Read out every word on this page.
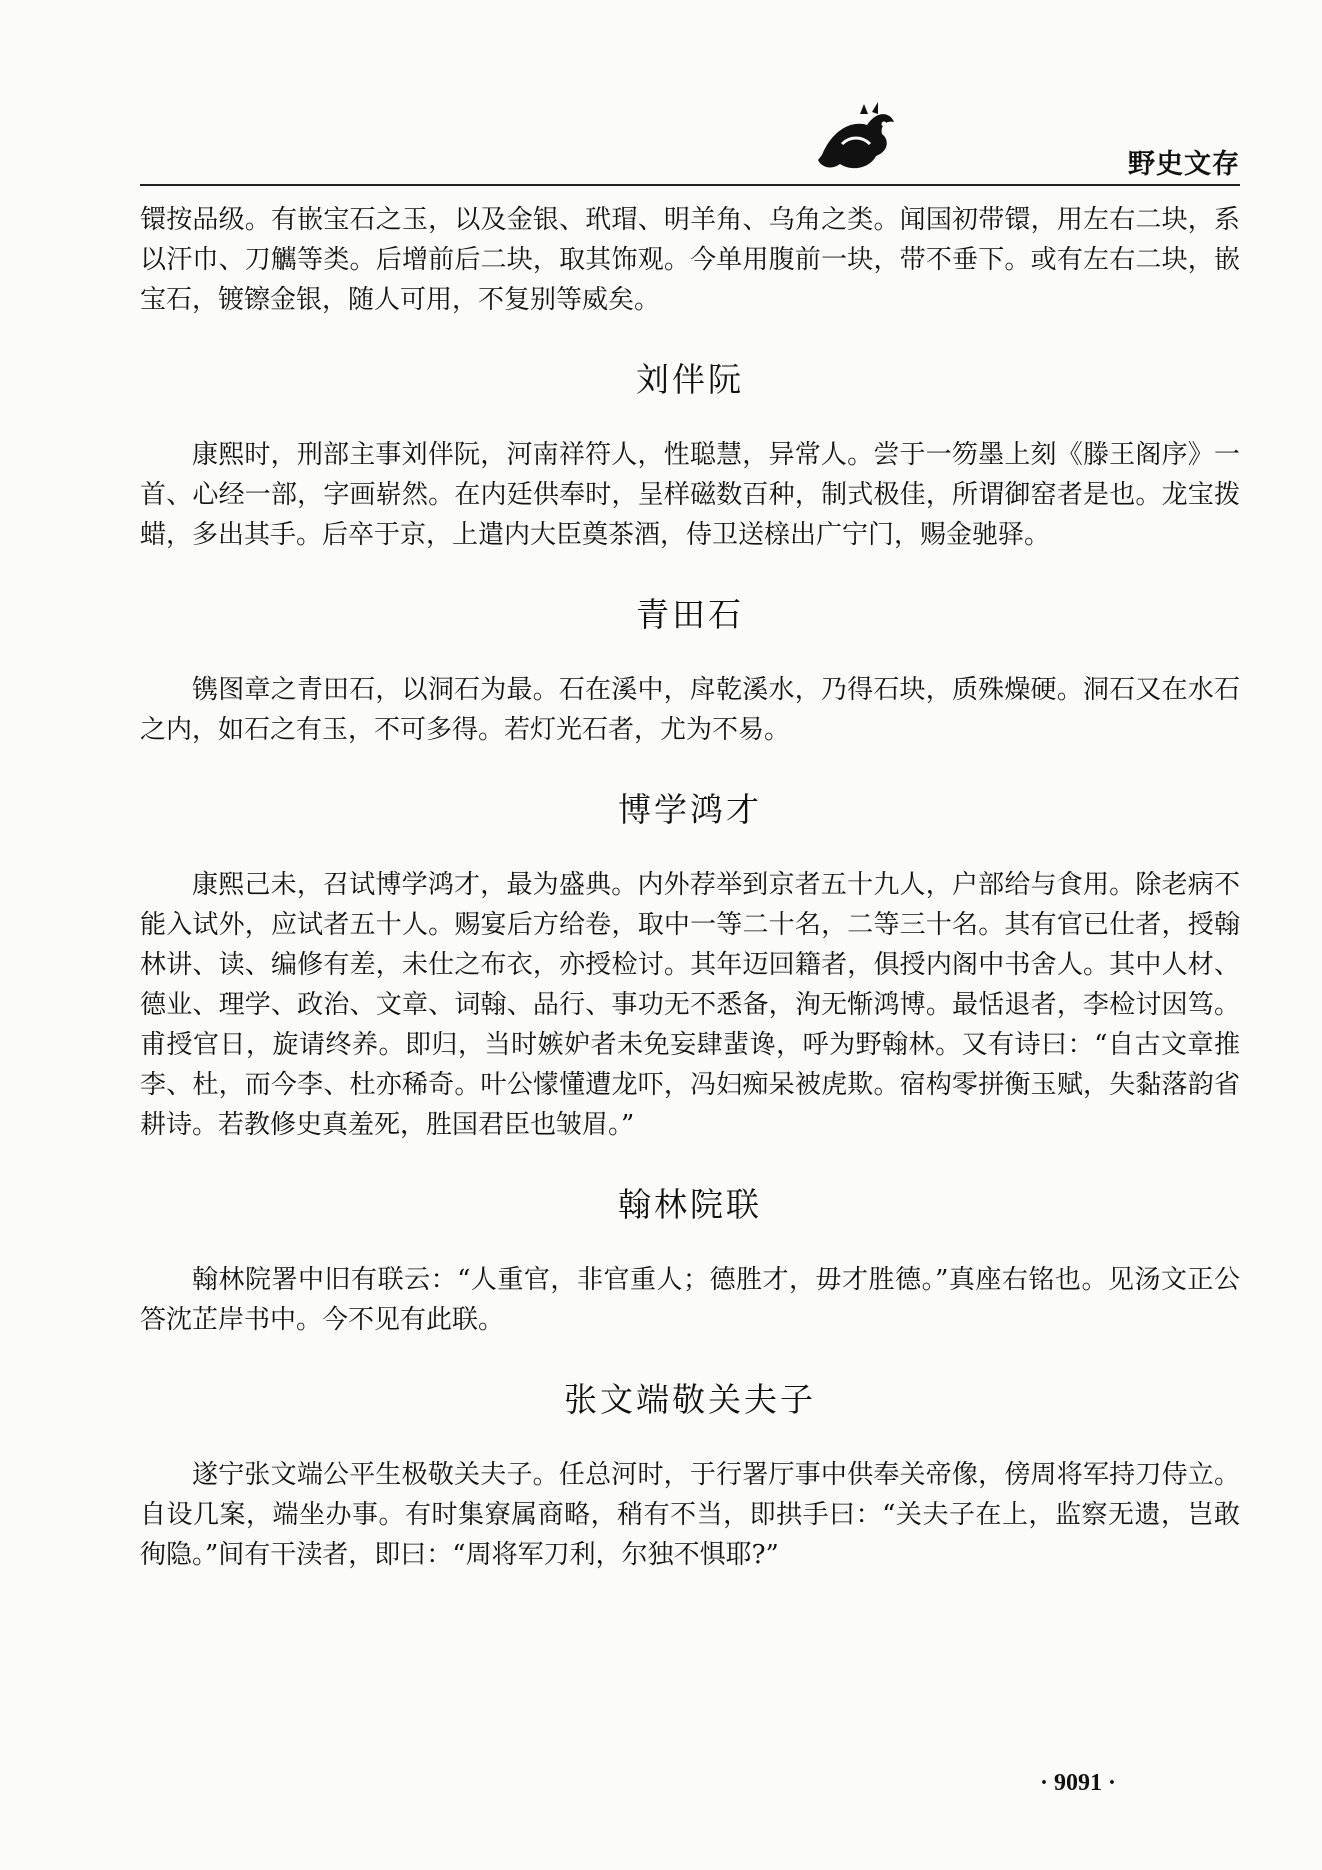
野史文存

镮按品级。有嵌宝石之玉，以及金银、玳瑁、明羊角、乌角之类。闻国初带镮，用左右二块，系以汗巾、刀觽等类。后增前后二块，取其饰观。今单用腹前一块，带不垂下。或有左右二块，嵌宝石，镀镲金银，随人可用，不复别等威矣。

刘伴阮

康熙时，刑部主事刘伴阮，河南祥符人，性聪慧，异常人。尝于一笏墨上刻《滕王阁序》一首、心经一部，字画崭然。在内廷供奉时，呈样磁数百种，制式极佳，所谓御窑者是也。龙宝拨蜡，多出其手。后卒于京，上遣内大臣奠茶酒，侍卫送榇出广宁门，赐金驰驿。

青田石

镌图章之青田石，以洞石为最。石在溪中，戽乾溪水，乃得石块，质殊燥硬。洞石又在水石之内，如石之有玉，不可多得。若灯光石者，尤为不易。

博学鸿才

康熙己未，召试博学鸿才，最为盛典。内外荐举到京者五十九人，户部给与食用。除老病不能入试外，应试者五十人。赐宴后方给卷，取中一等二十名，二等三十名。其有官已仕者，授翰林讲、读、编修有差，未仕之布衣，亦授检讨。其年迈回籍者，俱授内阁中书舍人。其中人材、德业、理学、政治、文章、词翰、品行、事功无不悉备，洵无惭鸿博。最恬退者，李检讨因笃。甫授官日，旋请终养。即归，当时嫉妒者未免妄肆蜚谗，呼为野翰林。又有诗曰：“自古文章推李、杜，而今李、杜亦稀奇。叶公懞懂遭龙吓，冯妇痴呆被虎欺。宿构零拼衡玉赋，失黏落韵省耕诗。若教修史真羞死，胜国君臣也皱眉。”

翰林院联

翰林院署中旧有联云：“人重官，非官重人；德胜才，毋才胜德。”真座右铭也。见汤文正公答沈芷岸书中。今不见有此联。

张文端敬关夫子

遂宁张文端公平生极敬关夫子。任总河时，于行署厅事中供奉关帝像，傍周将军持刀侍立。自设几案，端坐办事。有时集寮属商略，稍有不当，即拱手曰：“关夫子在上，监察无遗，岂敢徇隐。”间有干渎者，即曰：“周将军刀利，尔独不惧耶?”

· 9091 ·
